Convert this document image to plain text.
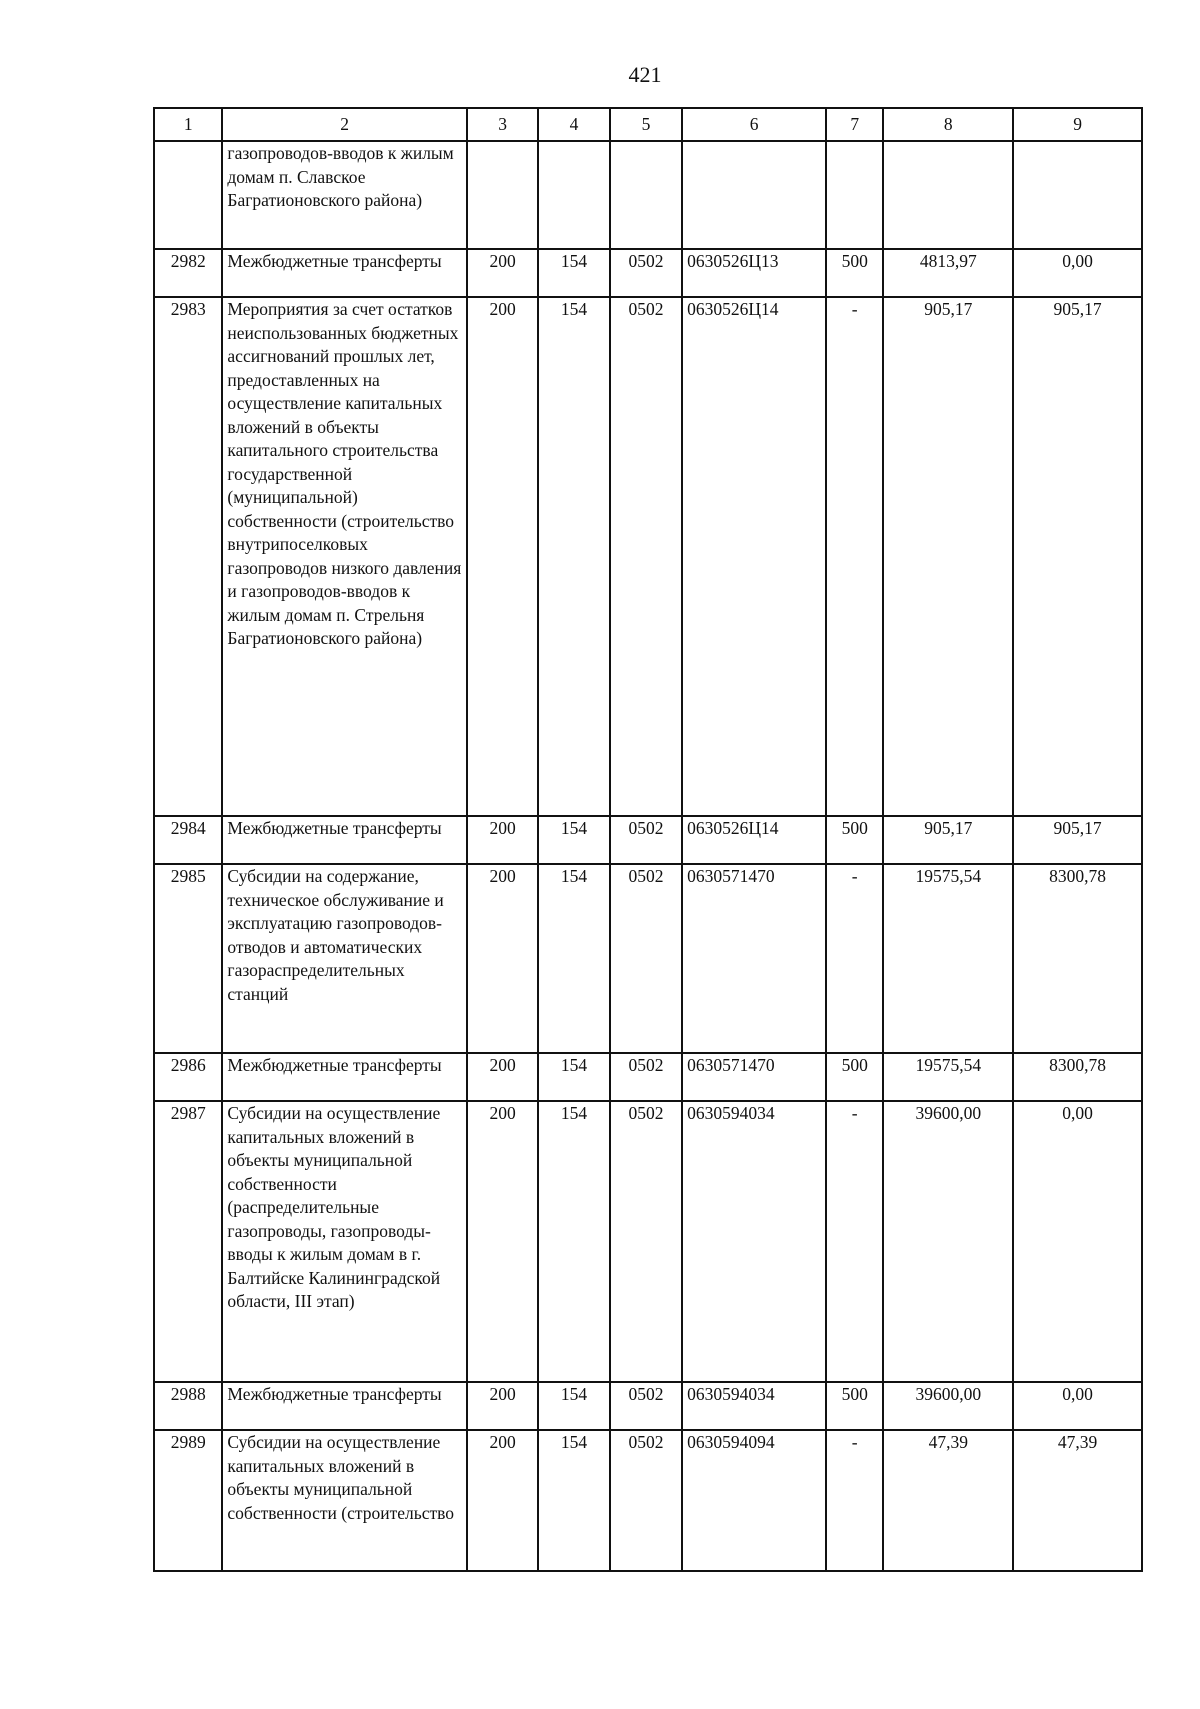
421
1	2	3	4	5	6	7	8	9
	газопроводов-вводов к жилым домам п. Славское Багратионовского района)							
2982	Межбюджетные трансферты	200	154	0502	0630526Ц13	500	4813,97	0,00
2983	Мероприятия за счет остатков неиспользованных бюджетных ассигнований прошлых лет, предоставленных на осуществление капитальных вложений в объекты капитального строительства государственной (муниципальной) собственности (строительство внутрипоселковых газопроводов низкого давления и газопроводов-вводов к жилым домам п. Стрельня Багратионовского района)	200	154	0502	0630526Ц14	-	905,17	905,17
2984	Межбюджетные трансферты	200	154	0502	0630526Ц14	500	905,17	905,17
2985	Субсидии на содержание, техническое обслуживание и эксплуатацию газопроводов-отводов и автоматических газораспределительных станций	200	154	0502	0630571470	-	19575,54	8300,78
2986	Межбюджетные трансферты	200	154	0502	0630571470	500	19575,54	8300,78
2987	Субсидии на осуществление капитальных вложений в объекты муниципальной собственности (распределительные газопроводы, газопроводы-вводы к жилым домам в г. Балтийске Калининградской области, III этап)	200	154	0502	0630594034	-	39600,00	0,00
2988	Межбюджетные трансферты	200	154	0502	0630594034	500	39600,00	0,00
2989	Субсидии на осуществление капитальных вложений в объекты муниципальной собственности (строительство	200	154	0502	0630594094	-	47,39	47,39
